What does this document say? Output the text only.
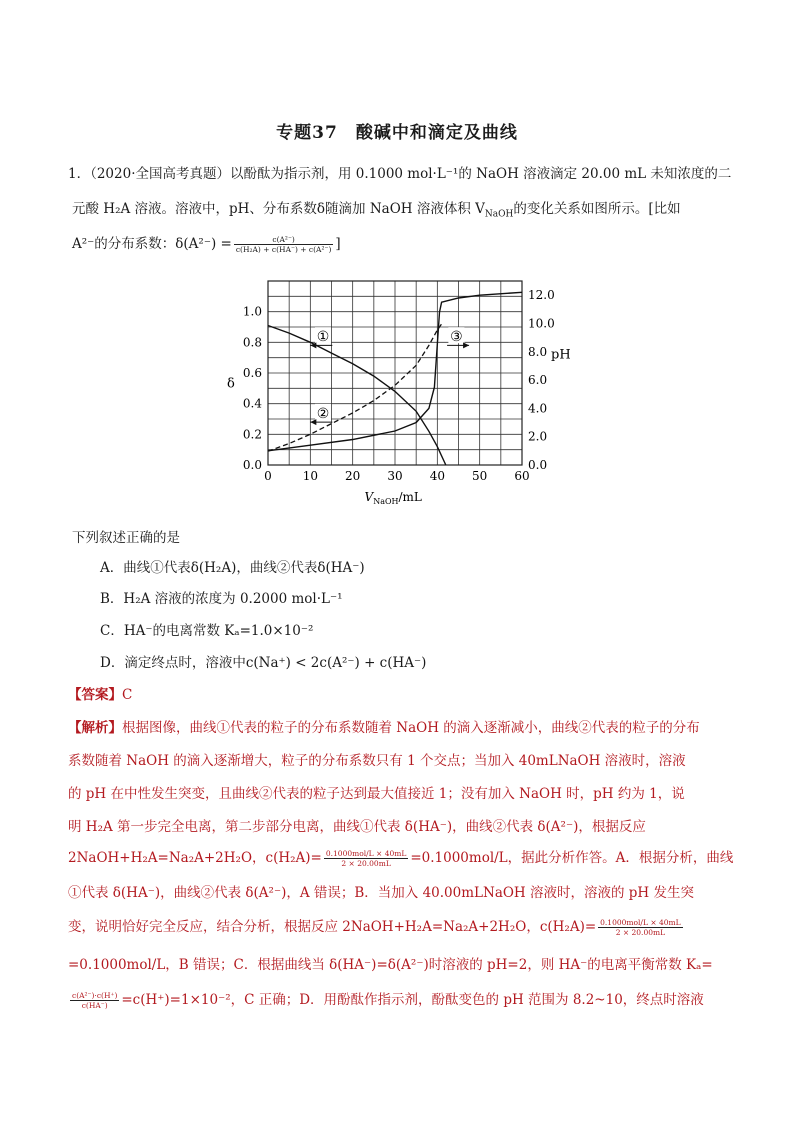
专题37　酸碱中和滴定及曲线
1．（2020·全国高考真题）以酚酞为指示剂，用 0.1000 mol·L⁻¹的 NaOH 溶液滴定 20.00 mL 未知浓度的二
元酸 H₂A 溶液。溶液中，pH、分布系数δ随滴加 NaOH 溶液体积 $V_{NaOH}$的变化关系如图所示。[比如
A²⁻的分布系数：$\delta(A^{2-}) = \frac{\text{c(A²⁻)}}{\text{c(H₂A) + c(HA⁻) + c(A²⁻)}}$ ]
0.0
0.2
0.4
0.6
0.8
1.0
0.0
2.0
4.0
6.0
8.0
10.0
12.0
0	10 20 30 40 50 60
δ
pH
$V_{NaOH}/mL$
①
②
③
下列叙述正确的是
A．曲线①代表δ(H₂A)，曲线②代表δ(HA⁻)
B．H₂A 溶液的浓度为 0.2000 mol·L⁻¹
C．HA⁻的电离常数 Kₐ=1.0×10⁻²
D．滴定终点时，溶液中c(Na⁺) < 2c(A²⁻) + c(HA⁻)
【答案】C
【解析】根据图像，曲线①代表的粒子的分布系数随着 NaOH 的滴入逐渐减小，曲线②代表的粒子的分布
系数随着 NaOH 的滴入逐渐增大，粒子的分布系数只有 1 个交点；当加入 40mLNaOH 溶液时，溶液
的 pH 在中性发生突变，且曲线②代表的粒子达到最大值接近 1；没有加入 NaOH 时，pH 约为 1，说
明 H₂A 第一步完全电离，第二步部分电离，曲线①代表 δ(HA⁻)，曲线②代表 δ(A²⁻)，根据反应
2NaOH+H₂A=Na₂A+2H₂O，$c(H_2A)= \frac{\text{0.1000mol/L × 40mL}}{2 \times 20.00mL} =0.1000mol/L$，据此分析作答。A．根据分析，曲线
①代表 δ(HA⁻)，曲线②代表 δ(A²⁻)，A 错误；B．当加入 40.00mLNaOH 溶液时，溶液的 pH 发生突
变，说明恰好完全反应，结合分析，根据反应 2NaOH+H₂A=Na₂A+2H₂O，$c(H_2A)= \frac{\text{0.1000mol/L × 40mL}}{2 \times 20.00mL}$
=0.1000mol/L，B 错误；C．根据曲线当 δ(HA⁻)=δ(A²⁻)时溶液的 pH=2，则 HA⁻的电离平衡常数 Kₐ=
$\frac{\text{c(A²⁻)·c(H⁺)}}{c(HA^-)} =c(H^+)=1\times 10^{-2}$，C 正确；D．用酚酞作指示剂，酚酞变色的 pH 范围为 8.2~10，终点时溶液
